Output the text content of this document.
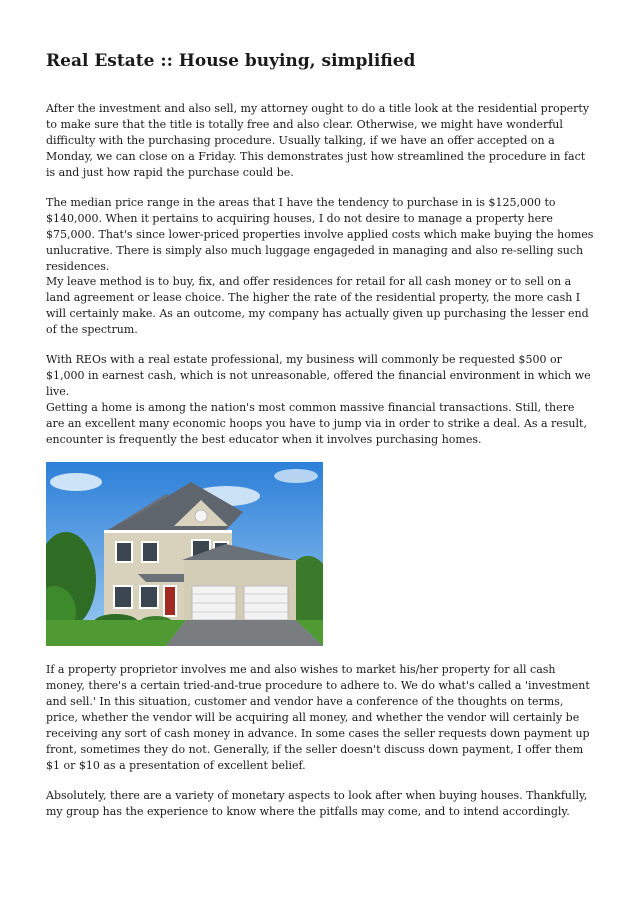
Real Estate :: House buying, simplified

After the investment and also sell, my attorney ought to do a title look at the residential property to make sure that the title is totally free and also clear. Otherwise, we might have wonderful difficulty with the purchasing procedure. Usually talking, if we have an offer accepted on a Monday, we can close on a Friday. This demonstrates just how streamlined the procedure in fact is and just how rapid the purchase could be.

The median price range in the areas that I have the tendency to purchase in is $125,000 to $140,000. When it pertains to acquiring houses, I do not desire to manage a property here $75,000. That's since lower-priced properties involve applied costs which make buying the homes unlucrative. There is simply also much luggage engageded in managing and also re-selling such residences.

My leave method is to buy, fix, and offer residences for retail for all cash money or to sell on a land agreement or lease choice. The higher the rate of the residential property, the more cash I will certainly make. As an outcome, my company has actually given up purchasing the lesser end of the spectrum.

With REOs with a real estate professional, my business will commonly be requested $500 or $1,000 in earnest cash, which is not unreasonable, offered the financial environment in which we live.

Getting a home is among the nation's most common massive financial transactions. Still, there are an excellent many economic hoops you have to jump via in order to strike a deal. As a result, encounter is frequently the best educator when it involves purchasing homes.

If a property proprietor involves me and also wishes to market his/her property for all cash money, there's a certain tried-and-true procedure to adhere to. We do what's called a 'investment and sell.' In this situation, customer and vendor have a conference of the thoughts on terms, price, whether the vendor will be acquiring all money, and whether the vendor will certainly be receiving any sort of cash money in advance. In some cases the seller requests down payment up front, sometimes they do not. Generally, if the seller doesn't discuss down payment, I offer them $1 or $10 as a presentation of excellent belief.

Absolutely, there are a variety of monetary aspects to look after when buying houses. Thankfully, my group has the experience to know where the pitfalls may come, and to intend accordingly.
